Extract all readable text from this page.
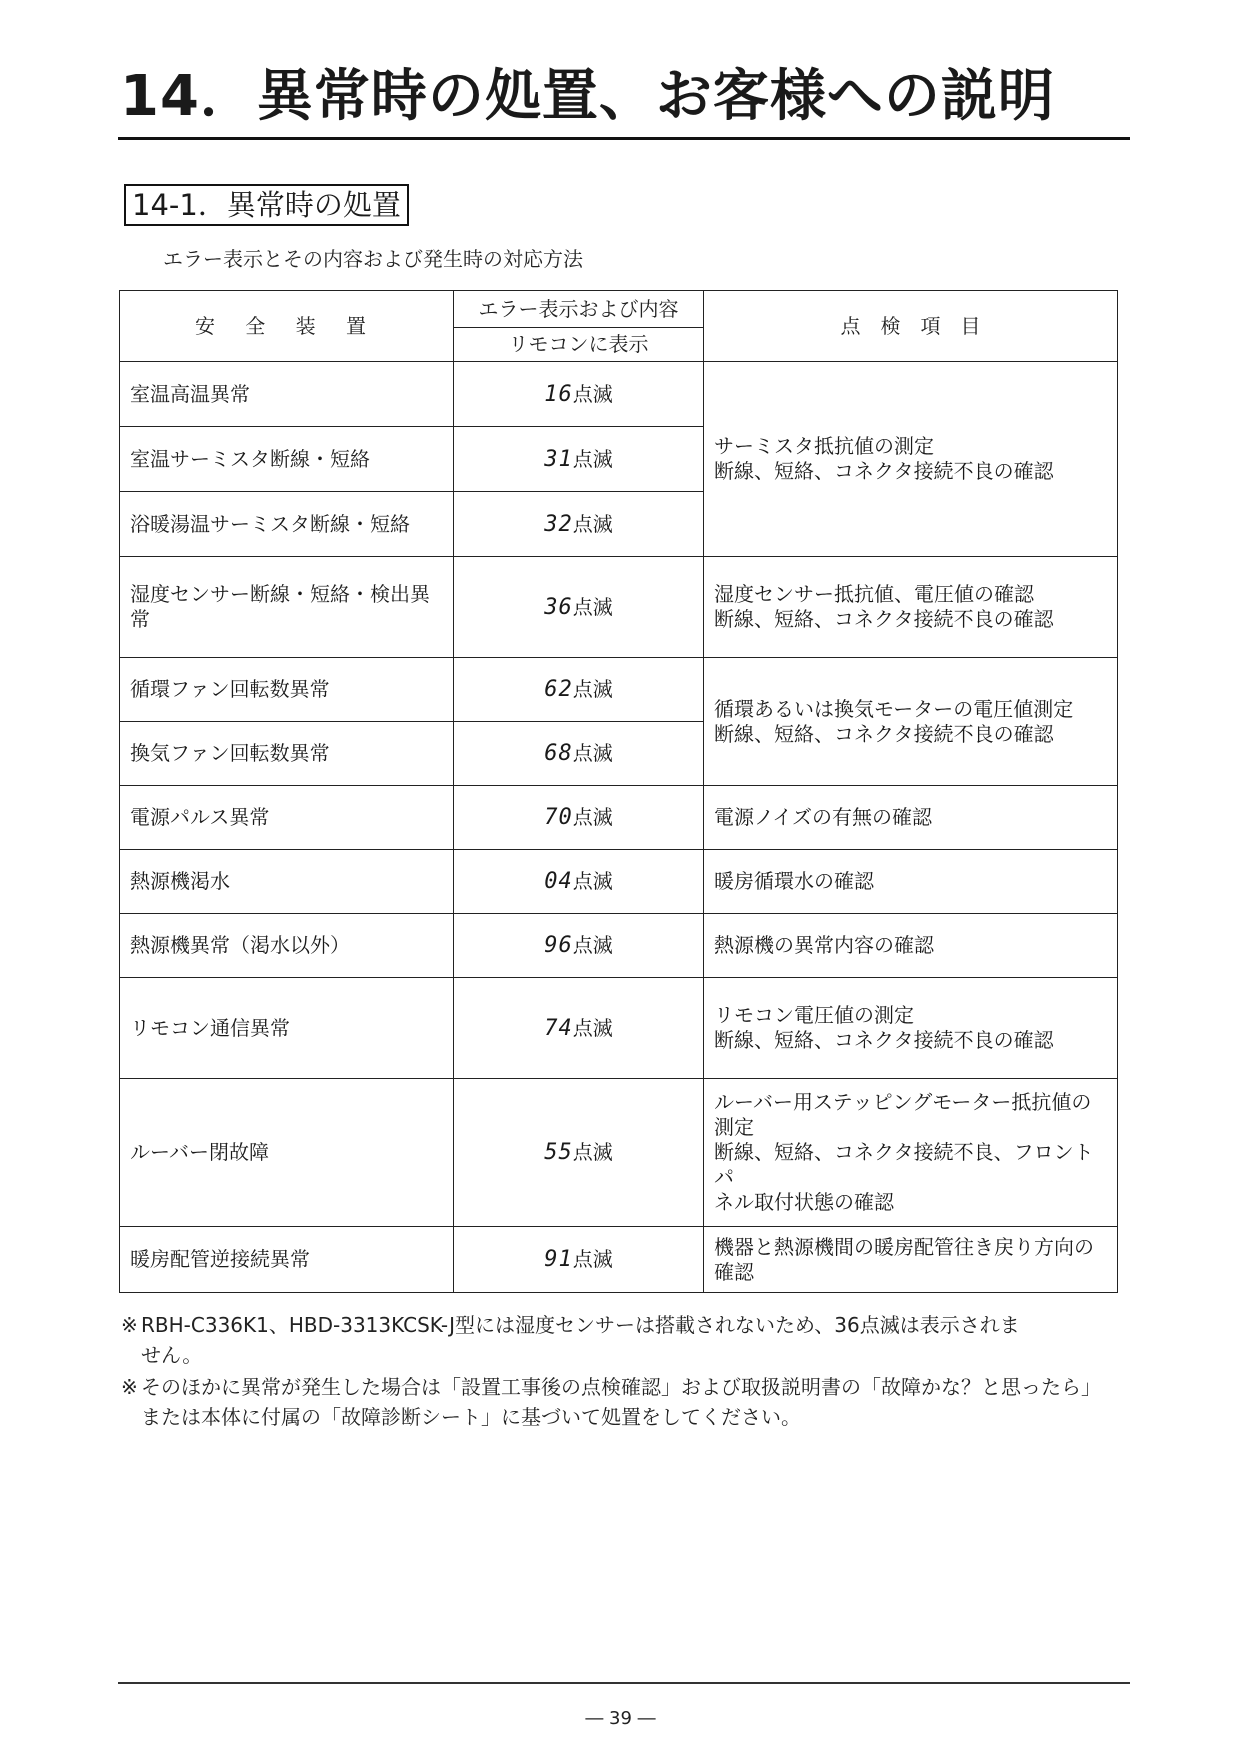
14．異常時の処置、お客様への説明
14-1．異常時の処置
エラー表示とその内容および発生時の対応方法
安 全 装 置	エラー表示および内容	点　検　項　目
	リモコンに表示	
室温高温異常	16点滅	サーミスタ抵抗値の測定
断線、短絡、コネクタ接続不良の確認
室温サーミスタ断線・短絡	31点滅	
浴暖湯温サーミスタ断線・短絡	32点滅	
湿度センサー断線・短絡・検出異常	36点滅	湿度センサー抵抗値、電圧値の確認
断線、短絡、コネクタ接続不良の確認
循環ファン回転数異常	62点滅	循環あるいは換気モーターの電圧値測定
断線、短絡、コネクタ接続不良の確認
換気ファン回転数異常	68点滅	
電源パルス異常	70点滅	電源ノイズの有無の確認
熱源機渇水	04点滅	暖房循環水の確認
熱源機異常（渇水以外）	96点滅	熱源機の異常内容の確認
リモコン通信異常	74点滅	リモコン電圧値の測定
断線、短絡、コネクタ接続不良の確認
ルーバー閉故障	55点滅	ルーバー用ステッピングモーター抵抗値の
測定
断線、短絡、コネクタ接続不良、フロントパ
ネル取付状態の確認
暖房配管逆接続異常	91点滅	機器と熱源機間の暖房配管往き戻り方向の
確認
※ RBH-C336K1、HBD-3313KCSK-J型には湿度センサーは搭載されないため、36点滅は表示されま
せん。
※ そのほかに異常が発生した場合は「設置工事後の点検確認」および取扱説明書の「故障かな？と思ったら」
または本体に付属の「故障診断シート」に基づいて処置をしてください。
― 39 ―
